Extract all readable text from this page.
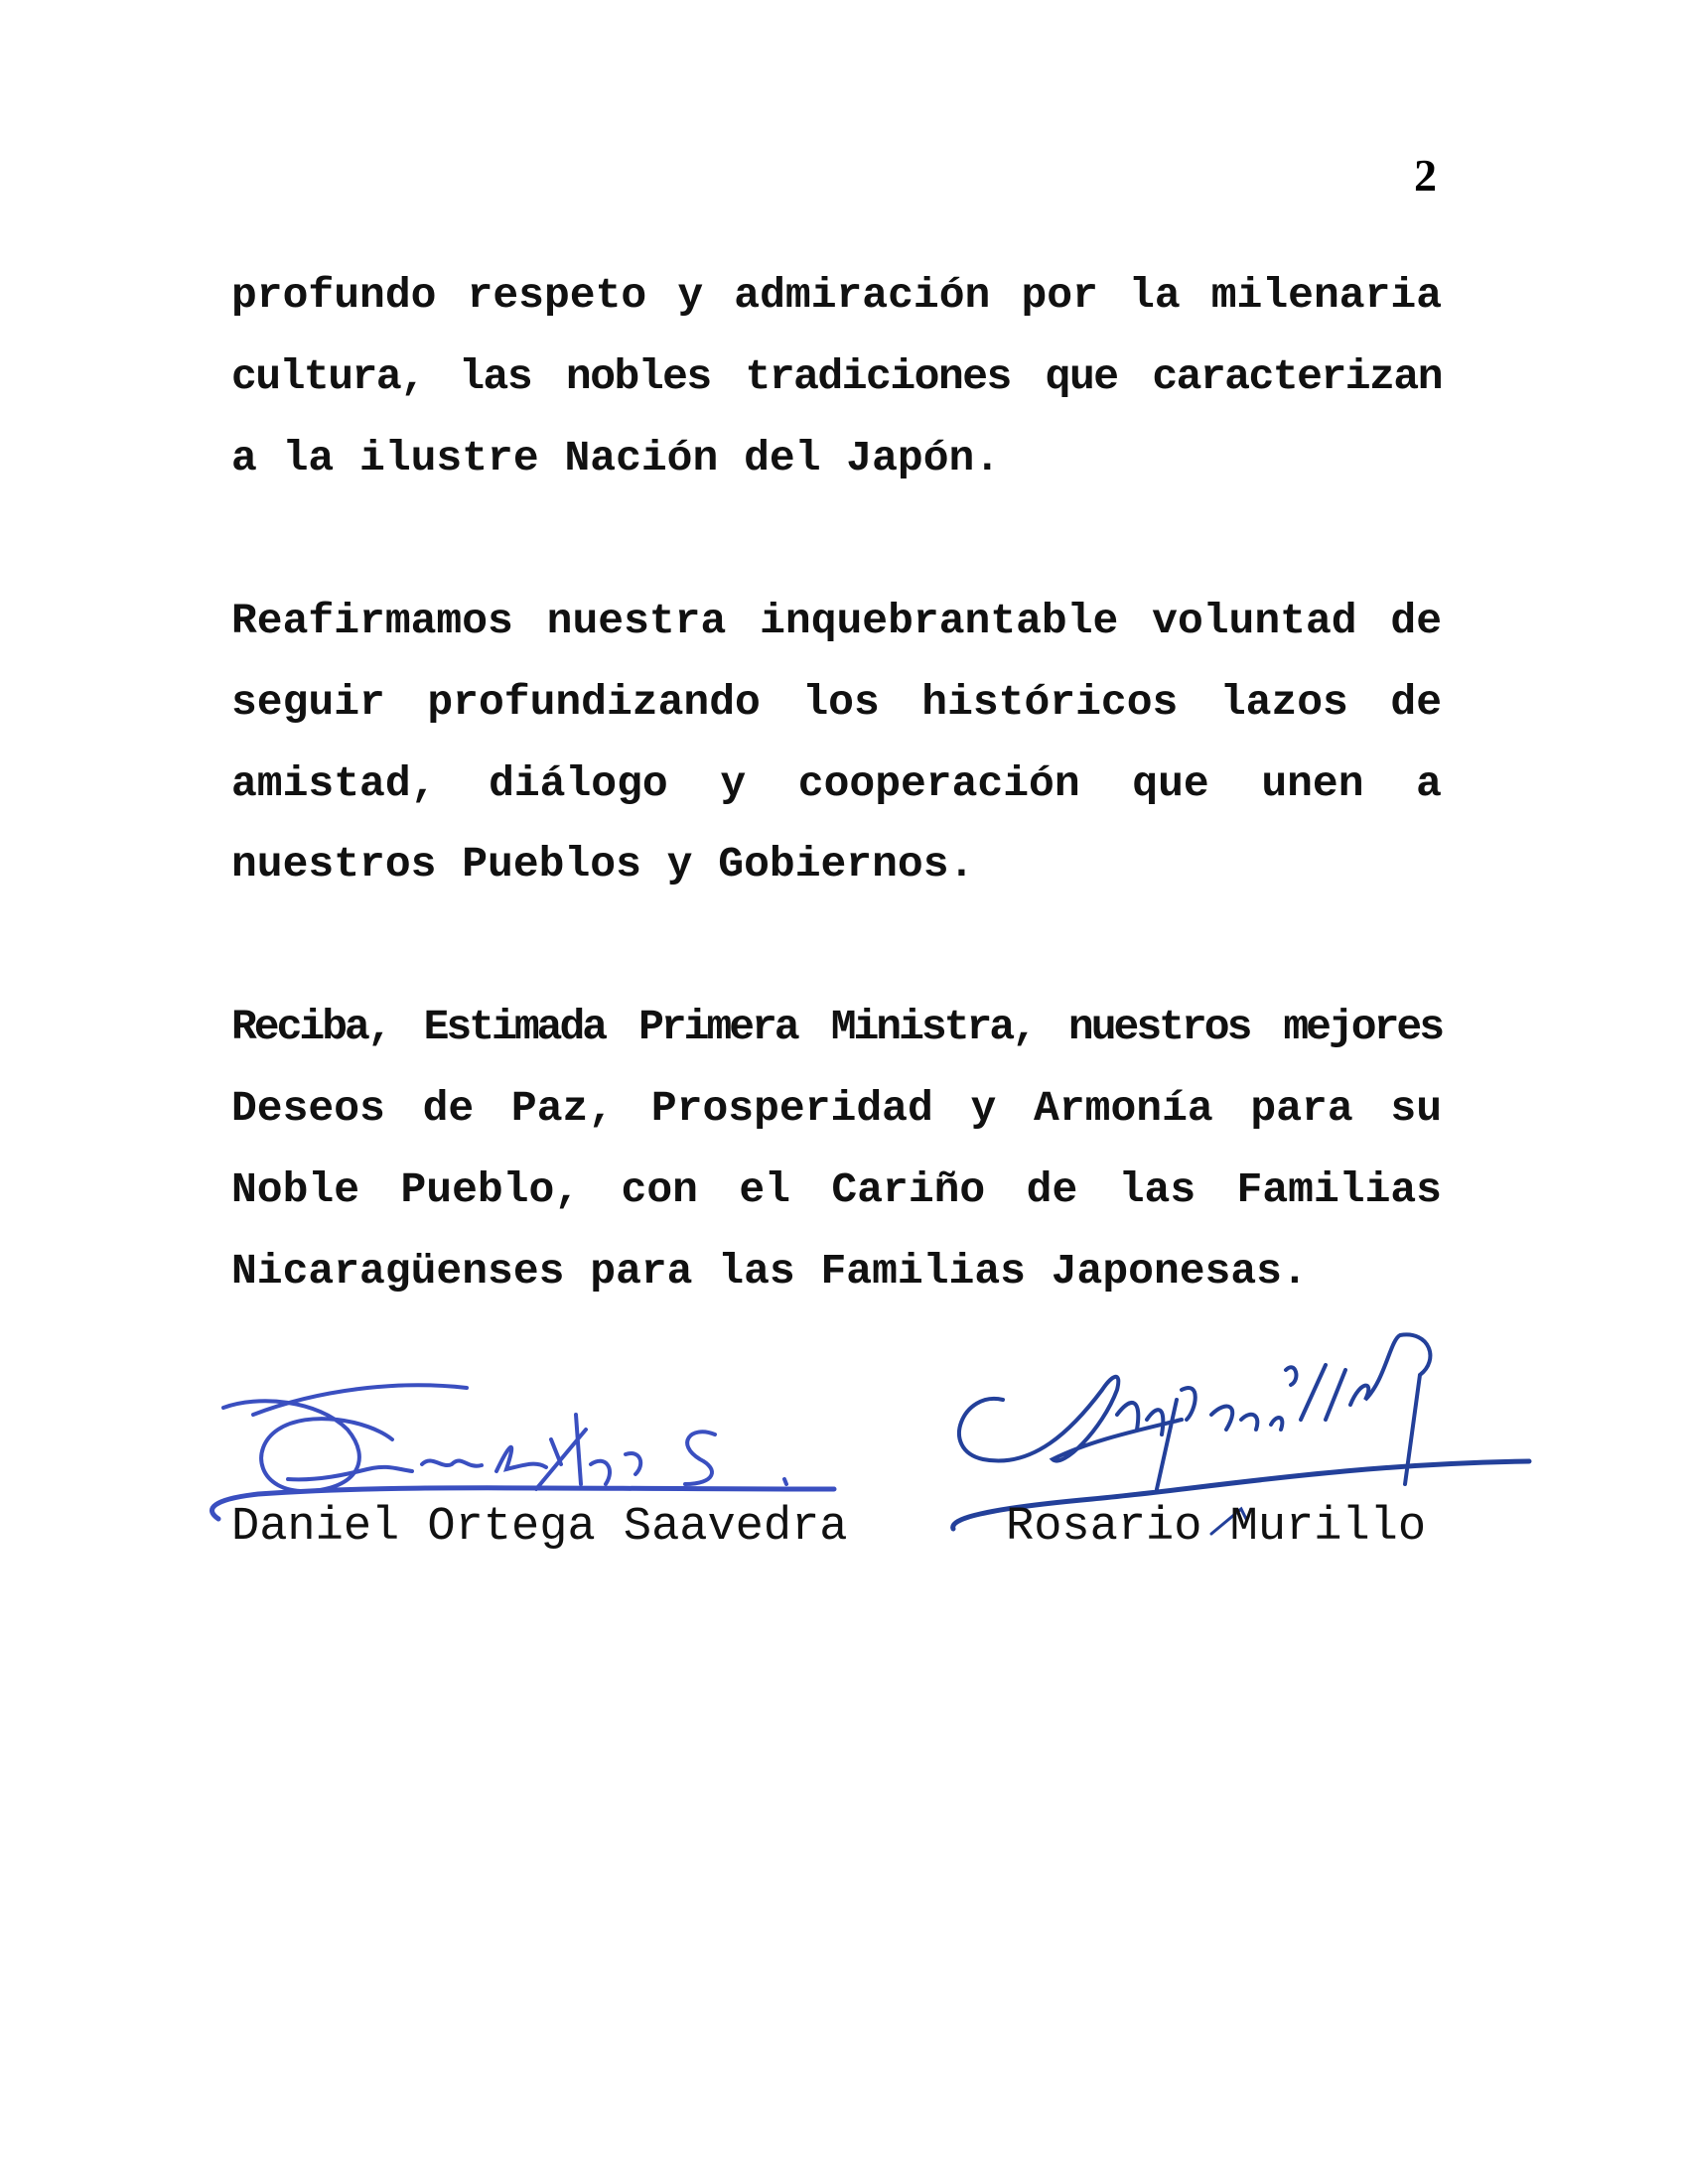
2
profundo respeto y admiración por la milenaria
cultura, las nobles tradiciones que caracterizan
a la ilustre Nación del Japón.
Reafirmamos nuestra inquebrantable voluntad de
seguir profundizando los históricos lazos de
amistad, diálogo y cooperación que unen a
nuestros Pueblos y Gobiernos.
Reciba, Estimada Primera Ministra, nuestros mejores
Deseos de Paz, Prosperidad y Armonía para su
Noble Pueblo, con el Cariño de las Familias
Nicaragüenses para las Familias Japonesas.
Daniel Ortega Saavedra	Rosario Murillo
